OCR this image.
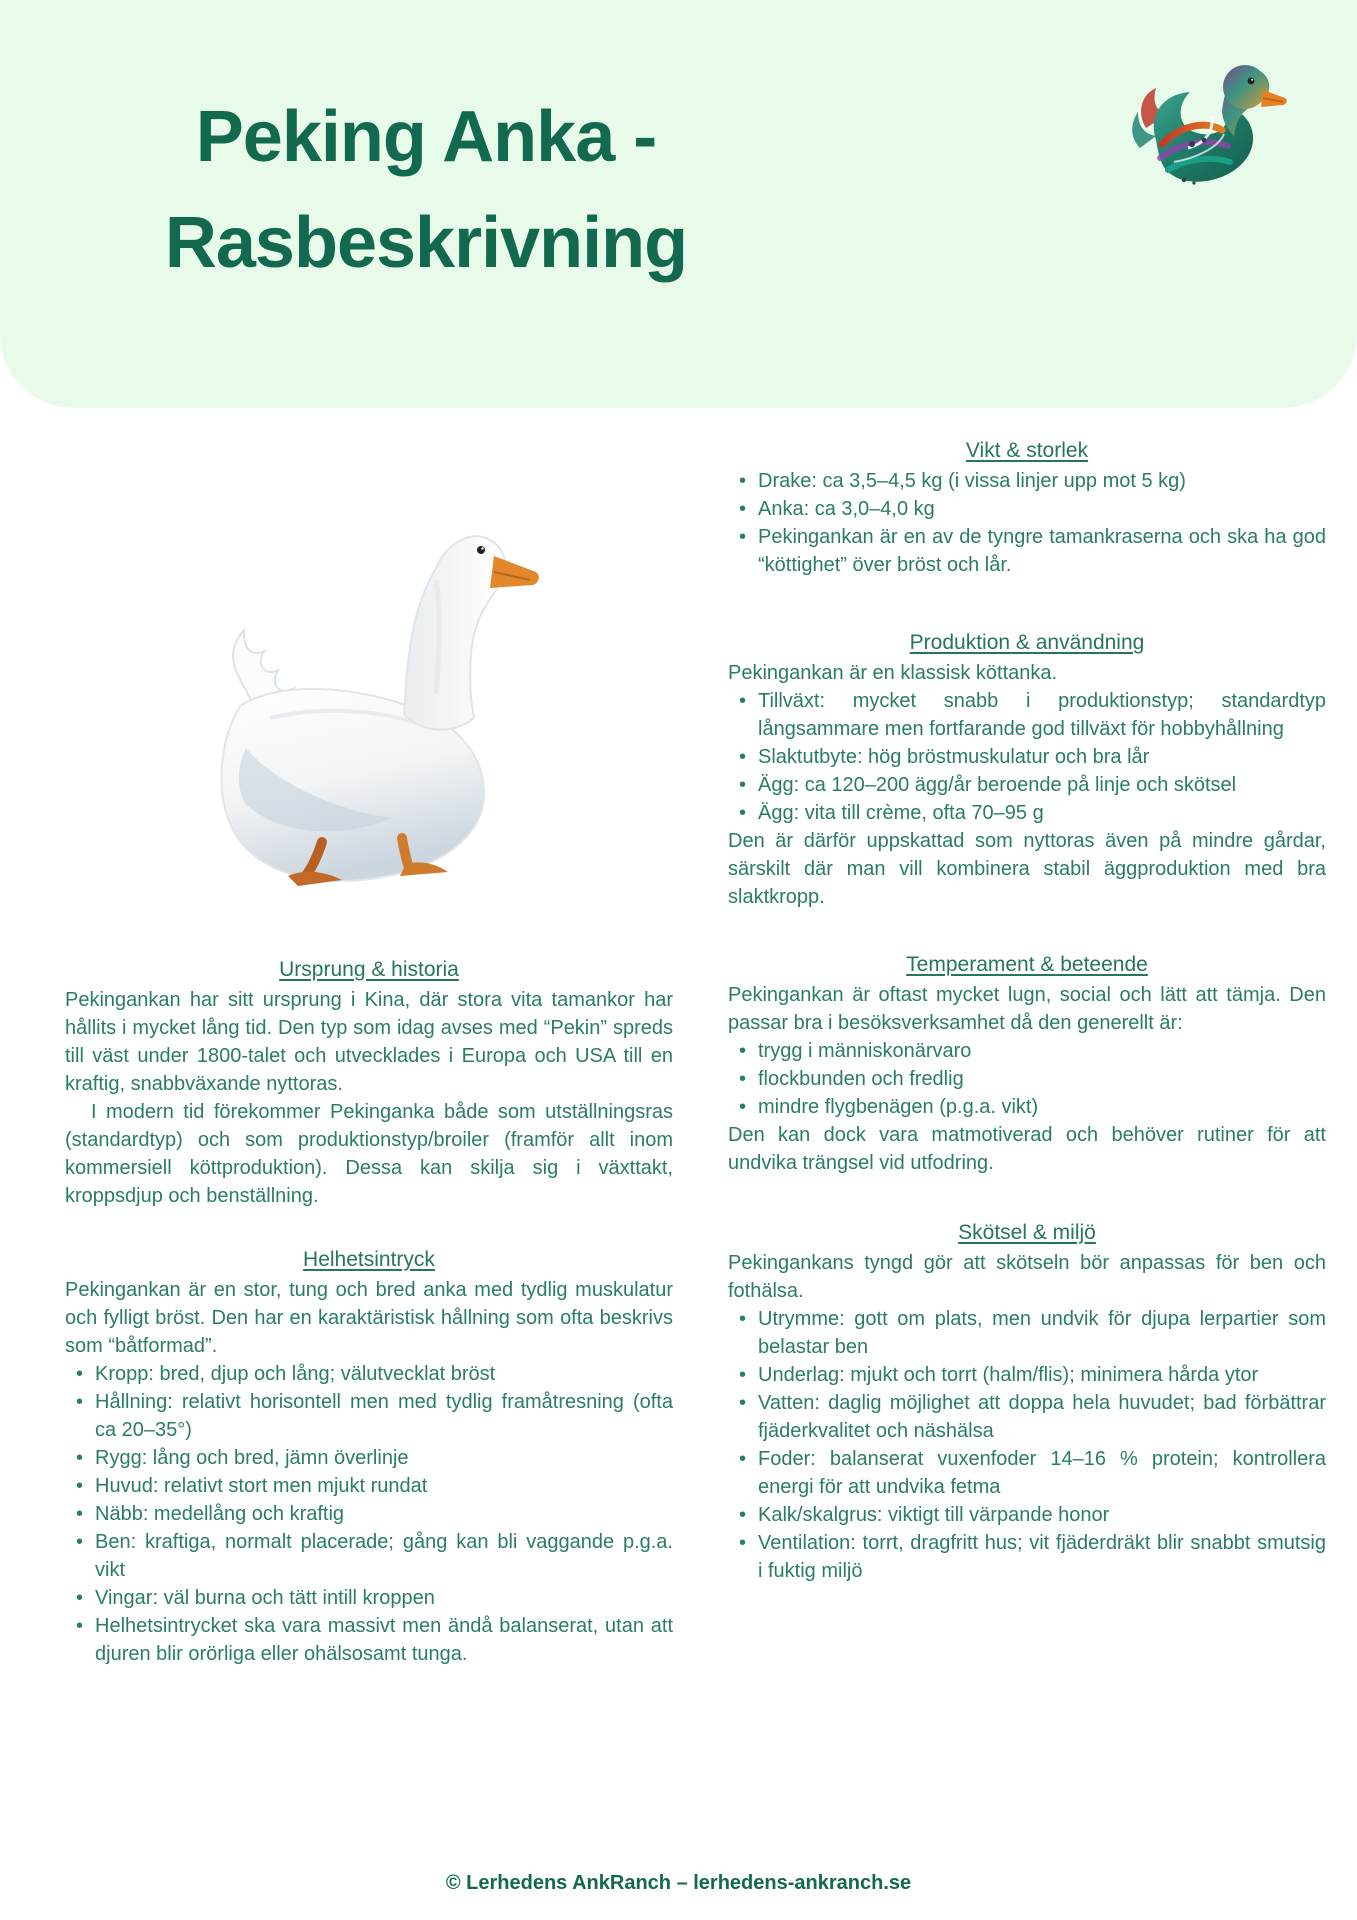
Peking Anka -
Rasbeskrivning
Ursprung & historia

Pekingankan har sitt ursprung i Kina, där stora vita tamankor har hållits i mycket lång tid. Den typ som idag avses med “Pekin” spreds till väst under 1800-talet och utvecklades i Europa och USA till en kraftig, snabbväxande nyttoras.

I modern tid förekommer Pekinganka både som utställningsras (standardtyp) och som produktionstyp/broiler (framför allt inom kommersiell köttproduktion). Dessa kan skilja sig i växttakt, kroppsdjup och benställning.

Helhetsintryck

Pekingankan är en stor, tung och bred anka med tydlig muskulatur och fylligt bröst. Den har en karaktäristisk hållning som ofta beskrivs som “båtformad”.

• Kropp: bred, djup och lång; välutvecklat bröst
• Hållning: relativt horisontell men med tydlig framåtresning (ofta ca 20–35°)
• Rygg: lång och bred, jämn överlinje
• Huvud: relativt stort men mjukt rundat
• Näbb: medellång och kraftig
• Ben: kraftiga, normalt placerade; gång kan bli vaggande p.g.a. vikt
• Vingar: väl burna och tätt intill kroppen
• Helhetsintrycket ska vara massivt men ändå balanserat, utan att djuren blir orörliga eller ohälsosamt tunga.
Vikt & storlek
• Drake: ca 3,5–4,5 kg (i vissa linjer upp mot 5 kg)
• Anka: ca 3,0–4,0 kg
• Pekingankan är en av de tyngre tamankraserna och ska ha god “köttighet” över bröst och lår.
Produktion & användning

Pekingankan är en klassisk köttanka.

• Tillväxt: mycket snabb i produktionstyp; standardtyp långsammare men fortfarande god tillväxt för hobbyhållning
• Slaktutbyte: hög bröstmuskulatur och bra lår
• Ägg: ca 120–200 ägg/år beroende på linje och skötsel
• Ägg: vita till crème, ofta 70–95 g

Den är därför uppskattad som nyttoras även på mindre gårdar, särskilt där man vill kombinera stabil äggproduktion med bra slaktkropp.

Temperament & beteende

Pekingankan är oftast mycket lugn, social och lätt att tämja. Den passar bra i besöksverksamhet då den generellt är:

• trygg i människonärvaro
• flockbunden och fredlig
• mindre flygbenägen (p.g.a. vikt)

Den kan dock vara matmotiverad och behöver rutiner för att undvika trängsel vid utfodring.

Skötsel & miljö

Pekingankans tyngd gör att skötseln bör anpassas för ben och fothälsa.

• Utrymme: gott om plats, men undvik för djupa lerpartier som belastar ben
• Underlag: mjukt och torrt (halm/flis); minimera hårda ytor
• Vatten: daglig möjlighet att doppa hela huvudet; bad förbättrar fjäderkvalitet och näshälsa
• Foder: balanserat vuxenfoder 14–16 % protein; kontrollera energi för att undvika fetma
• Kalk/skalgrus: viktigt till värpande honor
• Ventilation: torrt, dragfritt hus; vit fjäderdräkt blir snabbt smutsig i fuktig miljö
© Lerhedens AnkRanch – lerhedens-ankranch.se
